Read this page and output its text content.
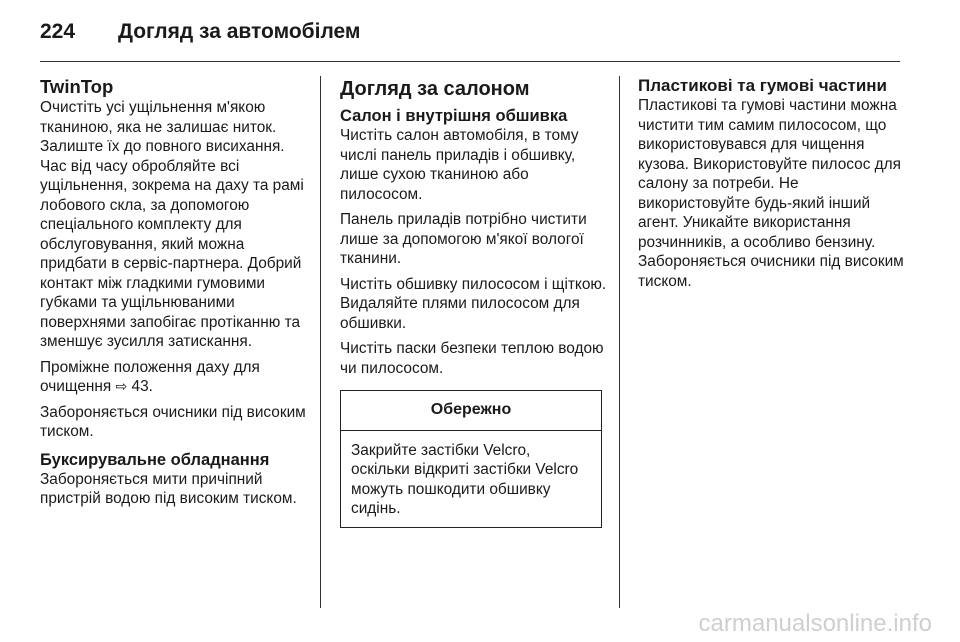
224	Догляд за автомобілем
TwinTop

Очистіть усі ущільнення м'якою тканиною, яка не залишає ниток. Залиште їх до повного висихання. Час від часу обробляйте всі ущільнення, зокрема на даху та рамі лобового скла, за допомогою спеціального комплекту для обслуговування, який можна придбати в сервіс-партнера. Добрий контакт між гладкими гумовими губками та ущільнюваними поверхнями запобігає протіканню та зменшує зусилля затискання.

Проміжне положення даху для очищення ⇨ 43.

Забороняється очисники під високим тиском.

Буксирувальне обладнання

Забороняється мити причіпний пристрій водою під високим тиском.

Догляд за салоном
Салон і внутрішня обшивка

Чистіть салон автомобіля, в тому числі панель приладів і обшивку, лише сухою тканиною або пилососом.

Панель приладів потрібно чистити лише за допомогою м'якої вологої тканини.

Чистіть обшивку пилососом і щіткою. Видаляйте плями пилососом для обшивки.

Чистіть паски безпеки теплою водою чи пилососом.

Обережно
Закрийте застібки Velcro, оскільки відкриті застібки Velcro можуть пошкодити обшивку сидінь.
Пластикові та гумові частини

Пластикові та гумові частини можна чистити тим самим пилососом, що використовувався для чищення кузова. Використовуйте пилосос для салону за потреби. Не використовуйте будь-який інший агент. Уникайте використання розчинників, а особливо бензину. Забороняється очисники під високим тиском.

carmanualsonline.info
